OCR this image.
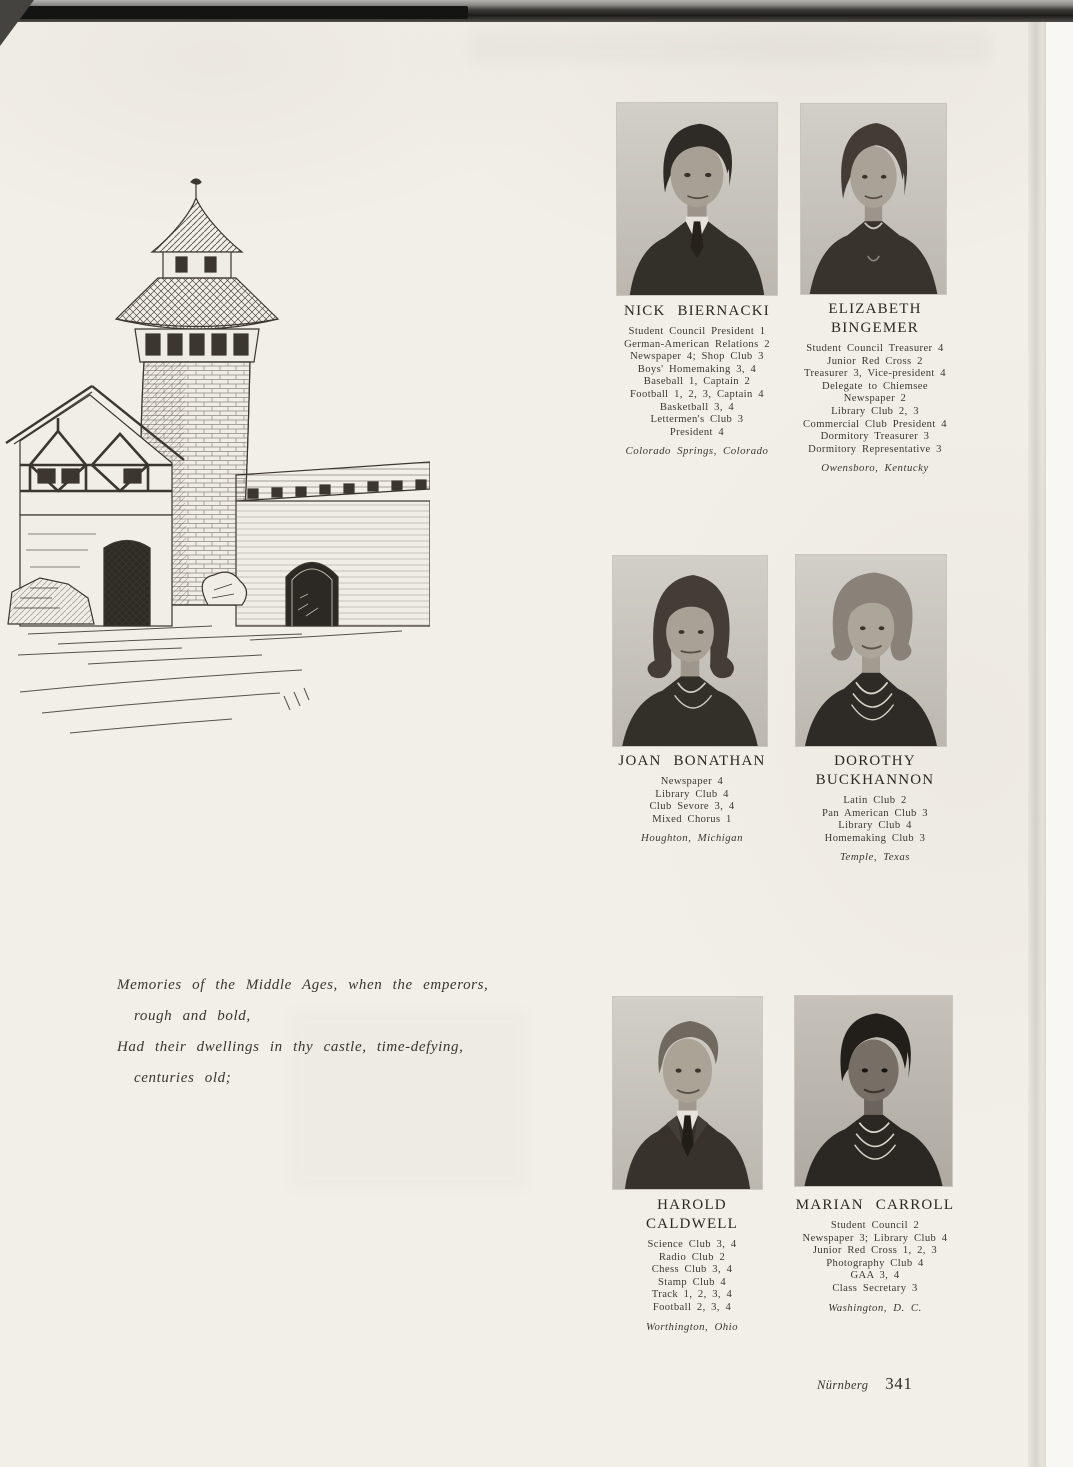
NICK BIERNACKI
Student Council President 1
German-American Relations 2
Newspaper 4; Shop Club 3
Boys' Homemaking 3, 4
Baseball 1, Captain 2
Football 1, 2, 3, Captain 4
Basketball 3, 4
Lettermen's Club 3
President 4
Colorado Springs, Colorado
ELIZABETH
BINGEMER
Student Council Treasurer 4
Junior Red Cross 2
Treasurer 3, Vice-president 4
Delegate to Chiemsee
Newspaper 2
Library Club 2, 3
Commercial Club President 4
Dormitory Treasurer 3
Dormitory Representative 3
Owensboro, Kentucky
JOAN BONATHAN
Newspaper 4
Library Club 4
Club Sevore 3, 4
Mixed Chorus 1
Houghton, Michigan
DOROTHY
BUCKHANNON
Latin Club 2
Pan American Club 3
Library Club 4
Homemaking Club 3
Temple, Texas
HAROLD
CALDWELL
Science Club 3, 4
Radio Club 2
Chess Club 3, 4
Stamp Club 4
Track 1, 2, 3, 4
Football 2, 3, 4
Worthington, Ohio
MARIAN CARROLL
Student Council 2
Newspaper 3; Library Club 4
Junior Red Cross 1, 2, 3
Photography Club 4
GAA 3, 4
Class Secretary 3
Washington, D. C.
Memories of the Middle Ages, when the emperors,
rough and bold,
Had their dwellings in thy castle, time-defying,
centuries old;
Nürnberg 341
